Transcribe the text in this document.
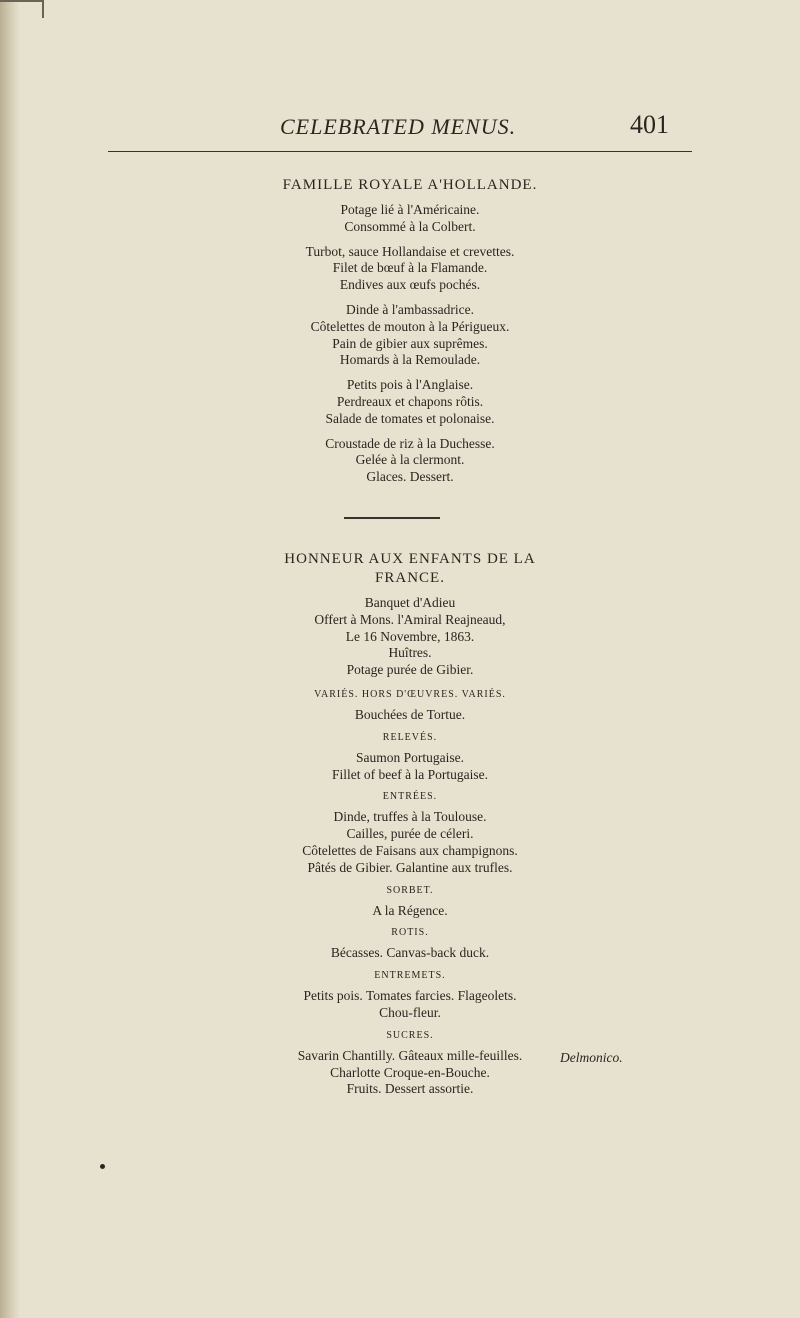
CELEBRATED MENUS.	401
FAMILLE ROYALE A'HOLLANDE.
Potage lié à l'Américaine.
Consommé à la Colbert.
Turbot, sauce Hollandaise et crevettes.
Filet de bœuf à la Flamande.
Endives aux œufs pochés.
Dinde à l'ambassadrice.
Côtelettes de mouton à la Périgueux.
Pain de gibier aux suprêmes.
Homards à la Remoulade.
Petits pois à l'Anglaise.
Perdreaux et chapons rôtis.
Salade de tomates et polonaise.
Croustade de riz à la Duchesse.
Gelée à la clermont.
Glaces. Dessert.
HONNEUR AUX ENFANTS DE LA
FRANCE.
Banquet d'Adieu
Offert à Mons. l'Amiral Reajneaud,
Le 16 Novembre, 1863.
Huîtres.
Potage purée de Gibier.
VARIÉS. HORS D'ŒUVRES. VARIÉS.
Bouchées de Tortue.
RELEVÉS.
Saumon Portugaise.
Fillet of beef à la Portugaise.
ENTRÉES.
Dinde, truffes à la Toulouse.
Cailles, purée de céleri.
Côtelettes de Faisans aux champignons.
Pâtés de Gibier. Galantine aux trufles.
SORBET.
A la Régence.
ROTIS.
Bécasses. Canvas-back duck.
ENTREMETS.
Petits pois. Tomates farcies. Flageolets.
Chou-fleur.
SUCRES.
Savarin Chantilly. Gâteaux mille-feuilles.
Charlotte Croque-en-Bouche.
Fruits. Dessert assortie.
Delmonico.
